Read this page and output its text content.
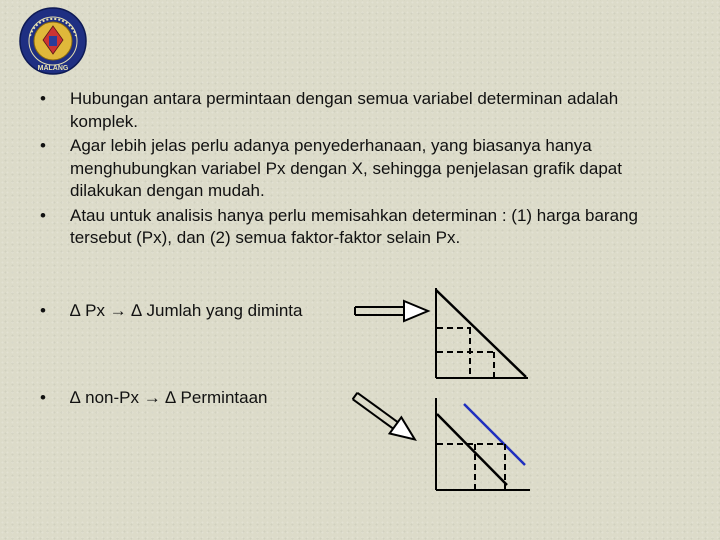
MALANG
• Hubungan antara permintaan dengan semua variabel determinan adalah komplek.
• Agar lebih jelas perlu adanya penyederhanaan, yang biasanya hanya menghubungkan variabel Px dengan X, sehingga penjelasan grafik dapat dilakukan dengan mudah.
• Atau untuk analisis hanya perlu memisahkan determinan : (1) harga barang tersebut (Px), dan (2) semua faktor-faktor selain Px.
• ∆ Px → ∆ Jumlah yang diminta
• ∆ non-Px → ∆ Permintaan
